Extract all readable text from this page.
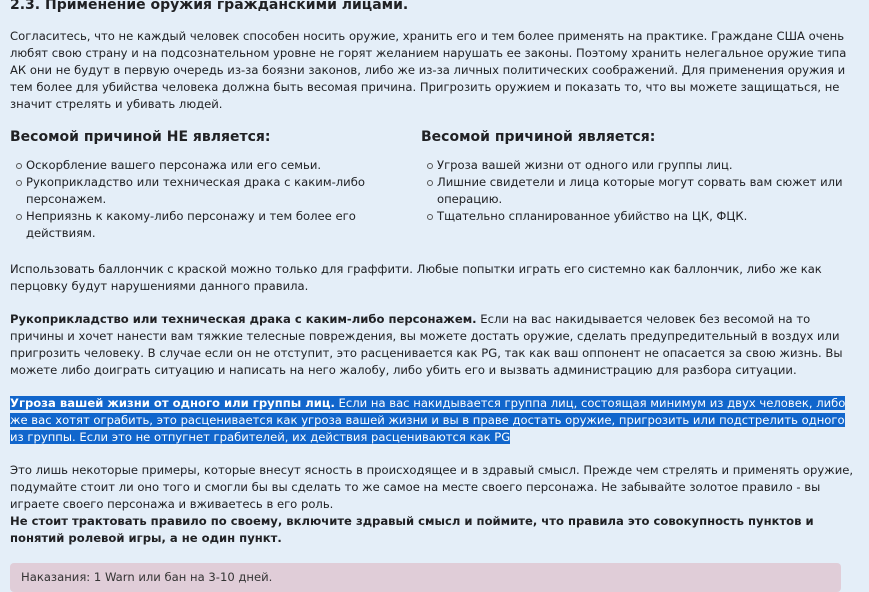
2.3. Применение оружия гражданскими лицами.

Согласитесь, что не каждый человек способен носить оружие, хранить его и тем более применять на практике. Граждане США очень любят свою страну и на подсознательном уровне не горят желанием нарушать ее законы. Поэтому хранить нелегальное оружие типа АК они не будут в первую очередь из-за боязни законов, либо же из-за личных политических соображений. Для применения оружия и тем более для убийства человека должна быть весомая причина. Пригрозить оружием и показать то, что вы можете защищаться, не значит стрелять и убивать людей.

Весомой причиной НЕ является:
Оскорбление вашего персонажа или его семьи.
Рукоприкладство или техническая драка с каким-либо персонажем.
Неприязнь к какому-либо персонажу и тем более его действиям.
Весомой причиной является:
Угроза вашей жизни от одного или группы лиц.
Лишние свидетели и лица которые могут сорвать вам сюжет или операцию.
Тщательно спланированное убийство на ЦК, ФЦК.

Использовать баллончик с краской можно только для граффити. Любые попытки играть его системно как баллончик, либо же как перцовку будут нарушениями данного правила.

Рукоприкладство или техническая драка с каким-либо персонажем. Если на вас накидывается человек без весомой на то причины и хочет нанести вам тяжкие телесные повреждения, вы можете достать оружие, сделать предупредительный в воздух или пригрозить человеку. В случае если он не отступит, это расценивается как PG, так как ваш оппонент не опасается за свою жизнь. Вы можете либо доиграть ситуацию и написать на него жалобу, либо убить его и вызвать администрацию для разбора ситуации.

Угроза вашей жизни от одного или группы лиц. Если на вас накидывается группа лиц, состоящая минимум из двух человек, либо же вас хотят ограбить, это расценивается как угроза вашей жизни и вы в праве достать оружие, пригрозить или подстрелить одного из группы. Если это не отпугнет грабителей, их действия расцениваются как PG

Это лишь некоторые примеры, которые внесут ясность в происходящее и в здравый смысл. Прежде чем стрелять и применять оружие, подумайте стоит ли оно того и смогли бы вы сделать то же самое на месте своего персонажа. Не забывайте золотое правило - вы играете своего персонажа и вживаетесь в его роль.

Не стоит трактовать правило по своему, включите здравый смысл и поймите, что правила это совокупность пунктов и понятий ролевой игры, а не один пункт.

Наказания: 1 Warn или бан на 3-10 дней.
